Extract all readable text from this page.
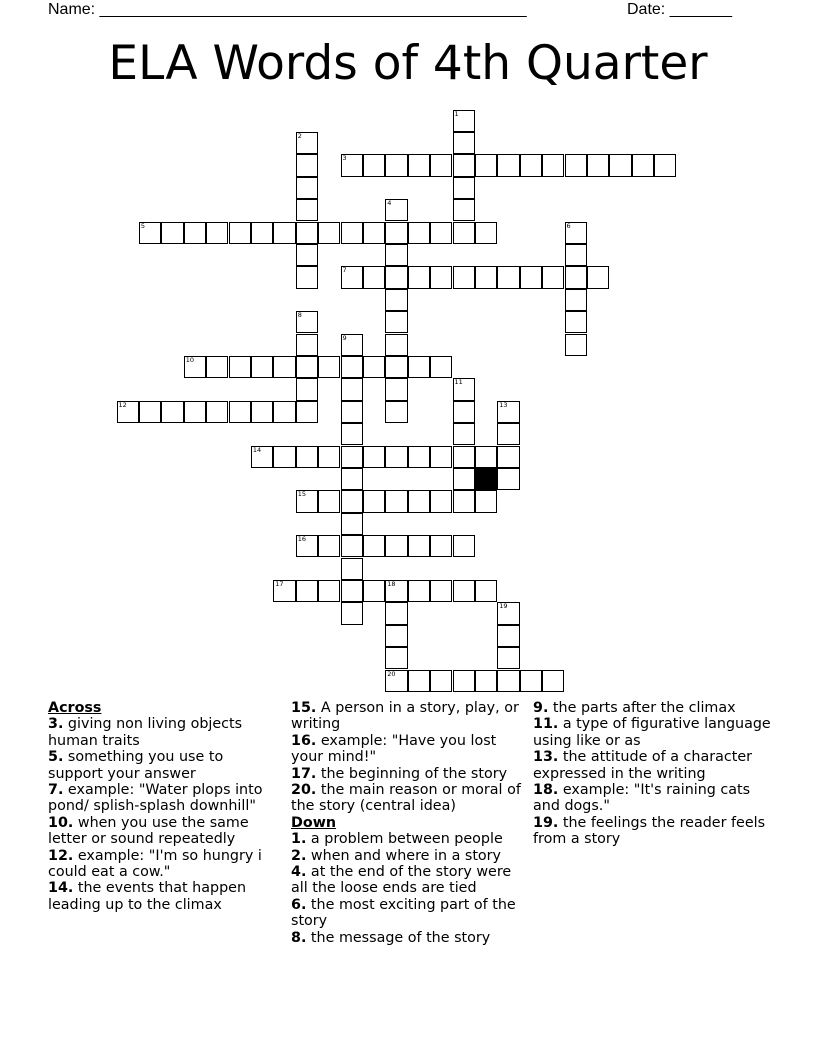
Name: ________________________________________________	Date: _______
ELA Words of 4th Quarter
1
2
3
4
5	6
7
8
9
10
11
12	13
14
15
16
17	18
20
19
Across
3. giving non living objects human traits
5. something you use to support your answer
7. example: "Water plops into pond/ splish-splash downhill"
10. when you use the same letter or sound repeatedly
12. example: "I'm so hungry i could eat a cow."
14. the events that happen leading up to the climax
15. A person in a story, play, or writing
16. example: "Have you lost your mind!"
17. the beginning of the story
20. the main reason or moral of the story (central idea)
Down
1. a problem between people
2. when and where in a story
4. at the end of the story were all the loose ends are tied
6. the most exciting part of the story
8. the message of the story
9. the parts after the climax
11. a type of figurative language using like or as
13. the attitude of a character expressed in the writing
18. example: "It's raining cats and dogs."
19. the feelings the reader feels from a story
